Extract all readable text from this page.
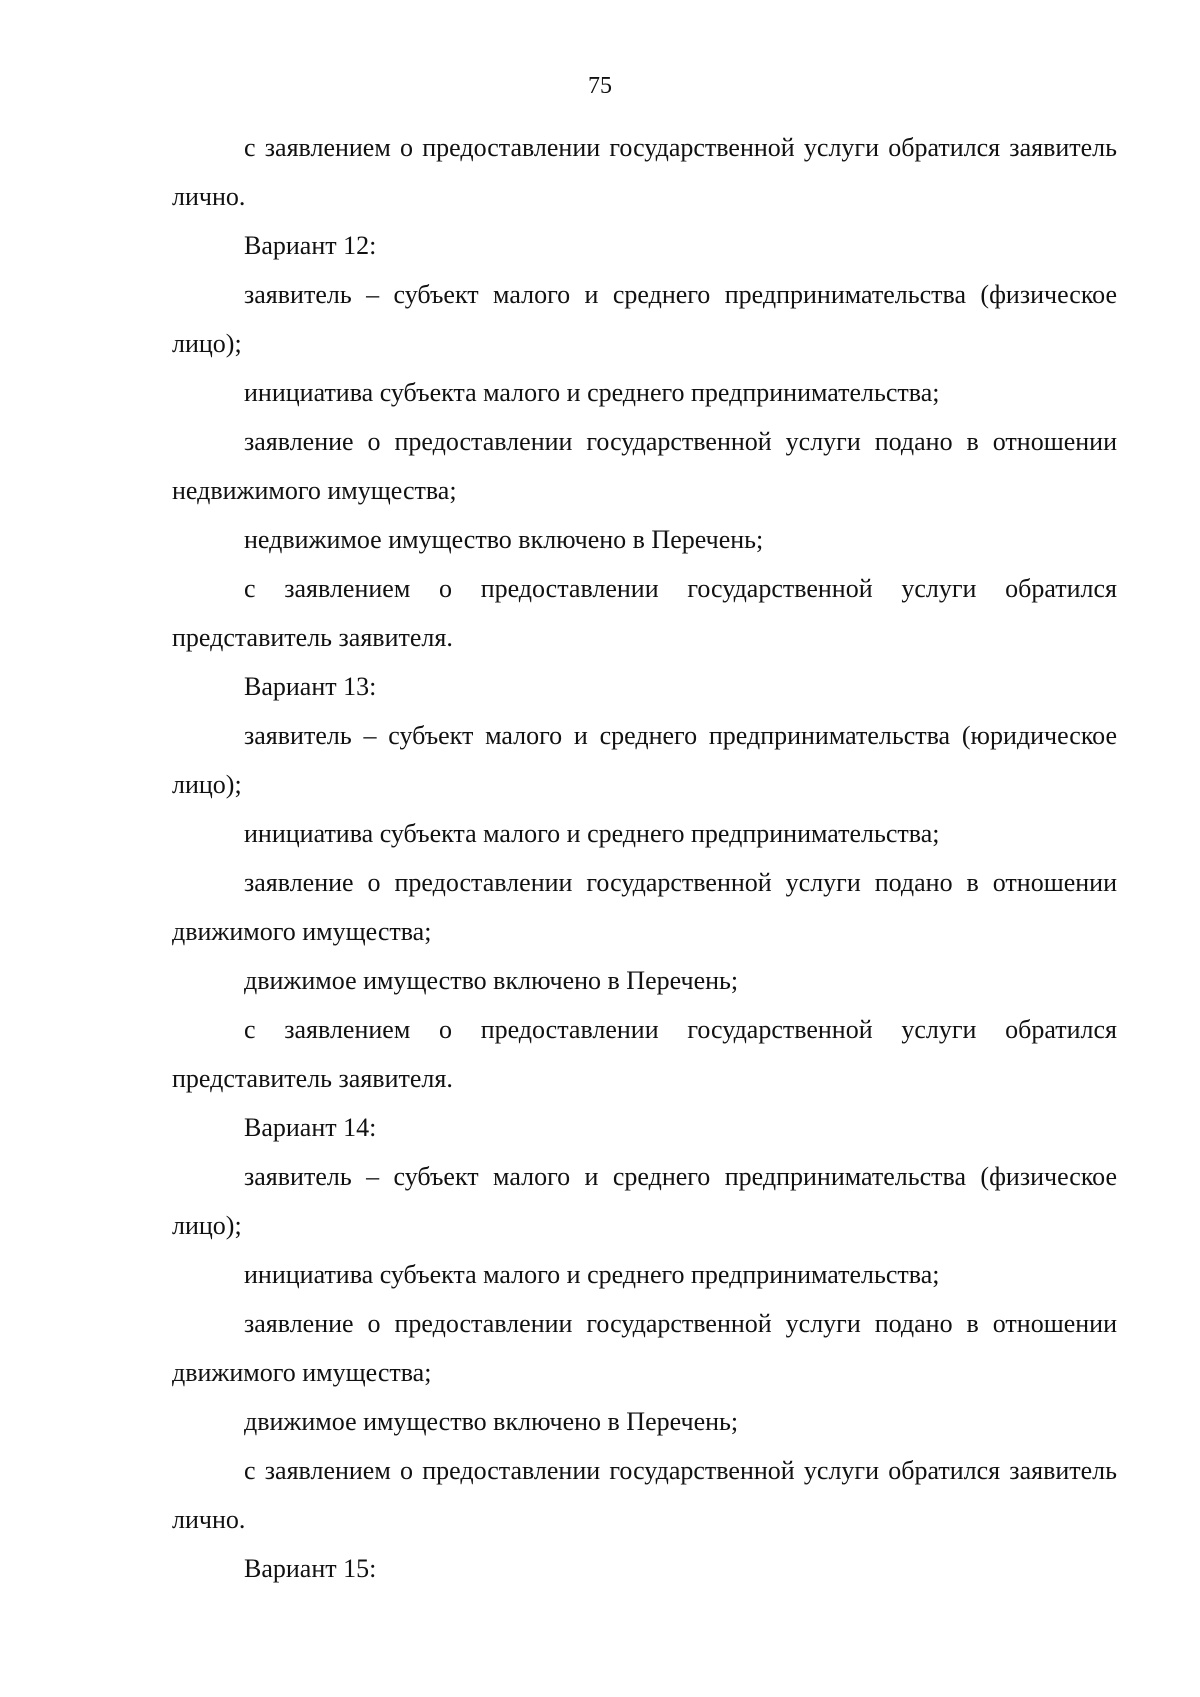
75

с заявлением о предоставлении государственной услуги обратился заявитель лично.

Вариант 12:

заявитель – субъект малого и среднего предпринимательства (физическое лицо);

инициатива субъекта малого и среднего предпринимательства;

заявление о предоставлении государственной услуги подано в отношении недвижимого имущества;

недвижимое имущество включено в Перечень;

с заявлением о предоставлении государственной услуги обратился представитель заявителя.

Вариант 13:

заявитель – субъект малого и среднего предпринимательства (юридическое лицо);

инициатива субъекта малого и среднего предпринимательства;

заявление о предоставлении государственной услуги подано в отношении движимого имущества;

движимое имущество включено в Перечень;

с заявлением о предоставлении государственной услуги обратился представитель заявителя.

Вариант 14:

заявитель – субъект малого и среднего предпринимательства (физическое лицо);

инициатива субъекта малого и среднего предпринимательства;

заявление о предоставлении государственной услуги подано в отношении движимого имущества;

движимое имущество включено в Перечень;

с заявлением о предоставлении государственной услуги обратился заявитель лично.

Вариант 15:
